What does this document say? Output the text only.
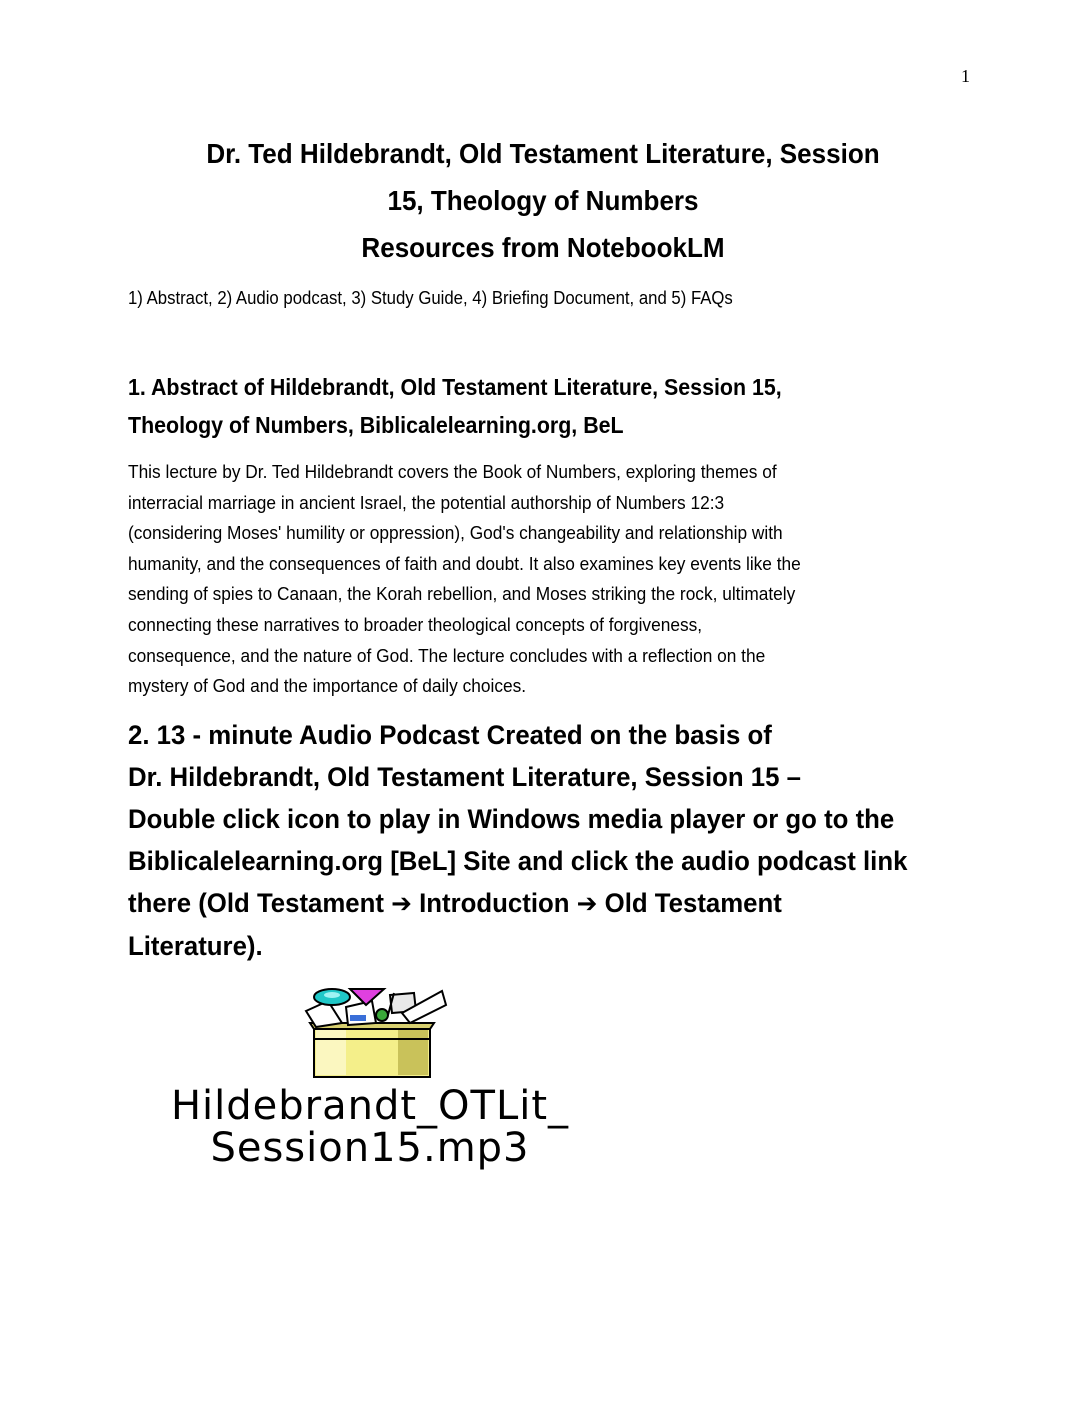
1
Dr. Ted Hildebrandt, Old Testament Literature, Session
15, Theology of Numbers
Resources from NotebookLM

1) Abstract, 2) Audio podcast, 3) Study Guide, 4) Briefing Document, and 5) FAQs

1. Abstract of Hildebrandt, Old Testament Literature, Session 15,
Theology of Numbers, Biblicalelearning.org, BeL
This lecture by Dr. Ted Hildebrandt covers the Book of Numbers, exploring themes of
interracial marriage in ancient Israel, the potential authorship of Numbers 12:3
(considering Moses' humility or oppression), God's changeability and relationship with
humanity, and the consequences of faith and doubt. It also examines key events like the
sending of spies to Canaan, the Korah rebellion, and Moses striking the rock, ultimately
connecting these narratives to broader theological concepts of forgiveness,
consequence, and the nature of God. The lecture concludes with a reflection on the
mystery of God and the importance of daily choices.
2. 13 - minute Audio Podcast Created on the basis of
Dr. Hildebrandt, Old Testament Literature, Session 15 –
Double click icon to play in Windows media player or go to the
Biblicalelearning.org [BeL] Site and click the audio podcast link
there (Old Testament ➔ Introduction ➔ Old Testament
Literature).
Hildebrandt_OTLit_
Session15.mp3
